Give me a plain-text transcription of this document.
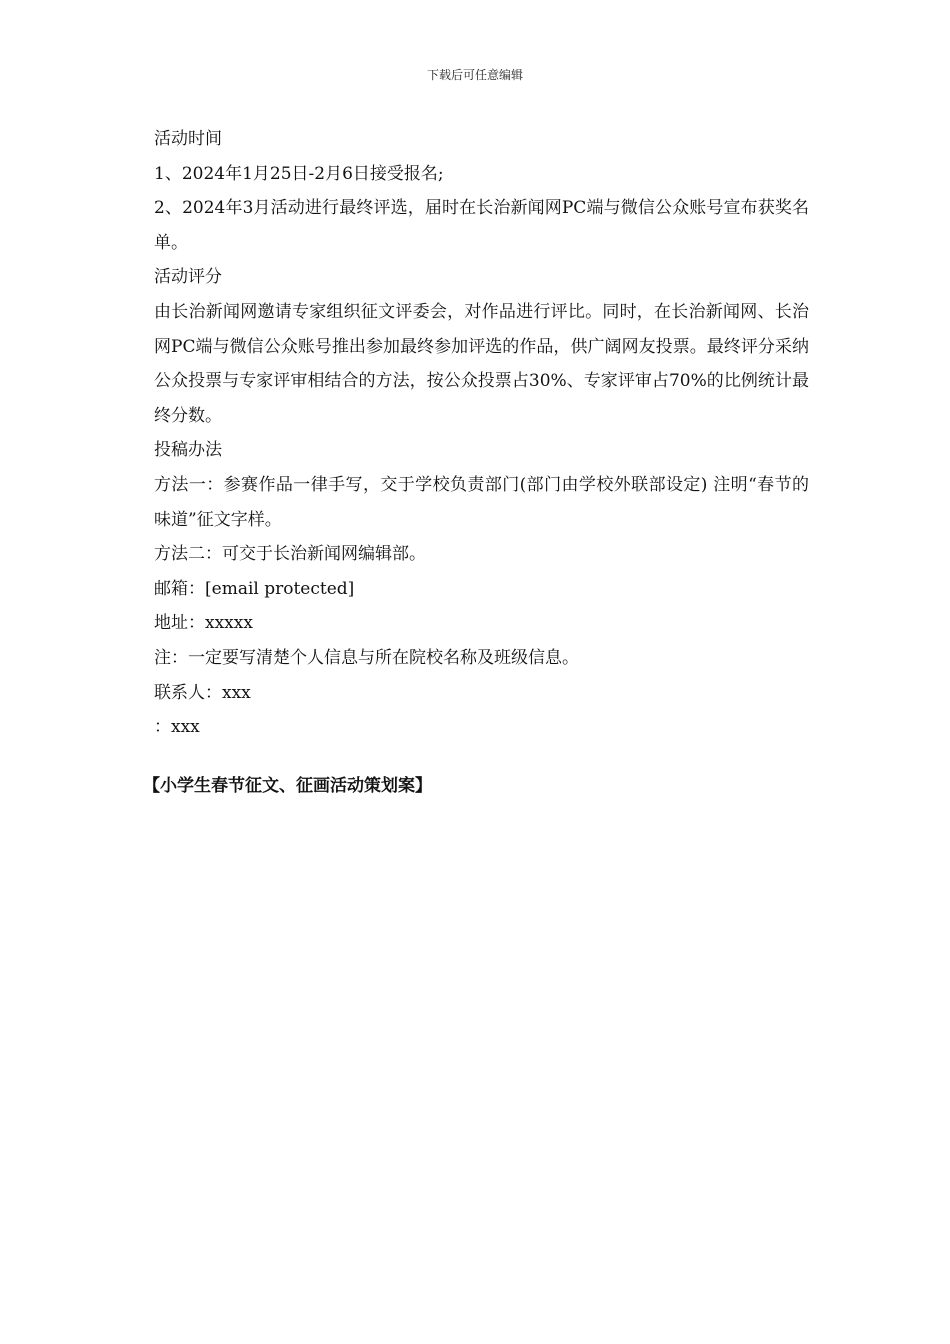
下载后可任意编辑

活动时间

1、2024年1月25日-2月6日接受报名;

2、2024年3月活动进行最终评选，届时在长治新闻网PC端与微信公众账号宣布获奖名单。

活动评分

由长治新闻网邀请专家组织征文评委会，对作品进行评比。同时，在长治新闻网、长治网PC端与微信公众账号推出参加最终参加评选的作品，供广阔网友投票。最终评分采纳公众投票与专家评审相结合的方法，按公众投票占30%、专家评审占70%的比例统计最终分数。

投稿办法

方法一：参赛作品一律手写，交于学校负责部门(部门由学校外联部设定) 注明“春节的味道”征文字样。

方法二：可交于长治新闻网编辑部。

邮箱：[email protected]

地址：xxxxx

注：一定要写清楚个人信息与所在院校名称及班级信息。

联系人：xxx

：xxx

【小学生春节征文、征画活动策划案】
